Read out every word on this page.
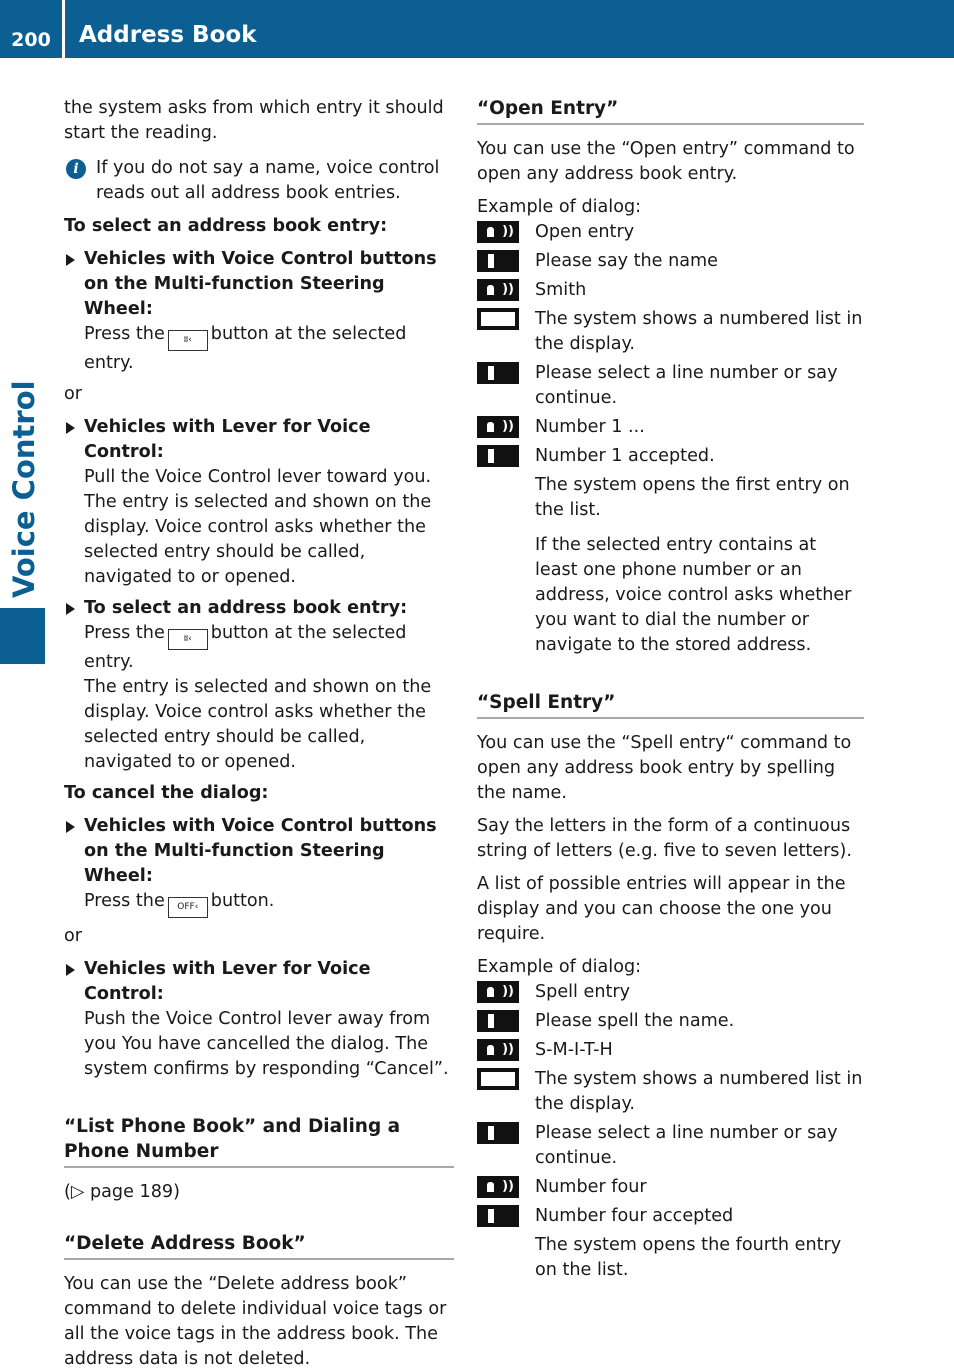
200	Address Book
Voice Control

the system asks from which entry it should start the reading.

i If you do not say a name, voice control reads out all address book entries.

To select an address book entry:

Vehicles with Voice Control buttons on the Multi-function Steering Wheel:
Press the ʬ‹ button at the selected entry.

or

Vehicles with Lever for Voice Control:
Pull the Voice Control lever toward you. The entry is selected and shown on the display. Voice control asks whether the selected entry should be called, navigated to or opened.
To select an address book entry:
Press the ʬ‹ button at the selected entry.
The entry is selected and shown on the display. Voice control asks whether the selected entry should be called, navigated to or opened.

To cancel the dialog:

Vehicles with Voice Control buttons on the Multi-function Steering Wheel:
Press the OFF‹ button.

or

Vehicles with Lever for Voice Control:
Push the Voice Control lever away from you You have cancelled the dialog. The system confirms by responding “Cancel”.
“List Phone Book” and Dialing a Phone Number

(▷ page 189)

“Delete Address Book”

You can use the “Delete address book” command to delete individual voice tags or all the voice tags in the address book. The address data is not deleted.

“Open Entry”

You can use the “Open entry” command to open any address book entry.

Example of dialog:

))
Open entry
Please say the name
))
Smith
The system shows a numbered list in the display.
Please select a line number or say continue.
))
Number 1 ...
Number 1 accepted.

The system opens the first entry on the list.

If the selected entry contains at least one phone number or an address, voice control asks whether you want to dial the number or navigate to the stored address.

“Spell Entry”

You can use the “Spell entry“ command to open any address book entry by spelling the name.

Say the letters in the form of a continuous string of letters (e.g. five to seven letters).

A list of possible entries will appear in the display and you can choose the one you require.

Example of dialog:

))
Spell entry
Please spell the name.
))
S-M-I-T-H
The system shows a numbered list in the display.
Please select a line number or say continue.
))
Number four
Number four accepted

The system opens the fourth entry on the list.
